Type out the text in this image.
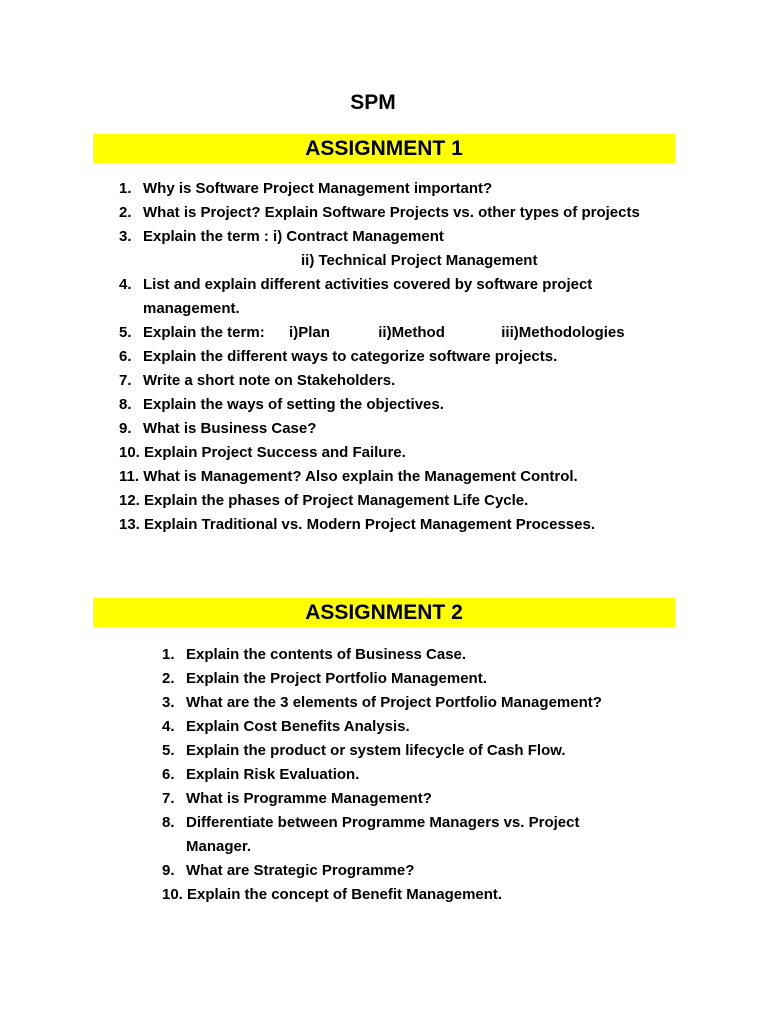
SPM
ASSIGNMENT 1
1. Why is Software Project Management important?
2. What is Project? Explain Software Projects vs. other types of projects
3. Explain the term : i) Contract Management
ii) Technical Project Management
4. List and explain different activities covered by software project management.
5. Explain the term: i)Plan	ii)Method	iii)Methodologies
6. Explain the different ways to categorize software projects.
7. Write a short note on Stakeholders.
8. Explain the ways of setting the objectives.
9. What is Business Case?
10. Explain Project Success and Failure.
11. What is Management? Also explain the Management Control.
12. Explain the phases of Project Management Life Cycle.
13. Explain Traditional vs. Modern Project Management Processes.
ASSIGNMENT 2
1. Explain the contents of Business Case.
2. Explain the Project Portfolio Management.
3. What are the 3 elements of Project Portfolio Management?
4. Explain Cost Benefits Analysis.
5. Explain the product or system lifecycle of Cash Flow.
6. Explain Risk Evaluation.
7. What is Programme Management?
8. Differentiate between Programme Managers vs. Project Manager.
9. What are Strategic Programme?
10. Explain the concept of Benefit Management.
